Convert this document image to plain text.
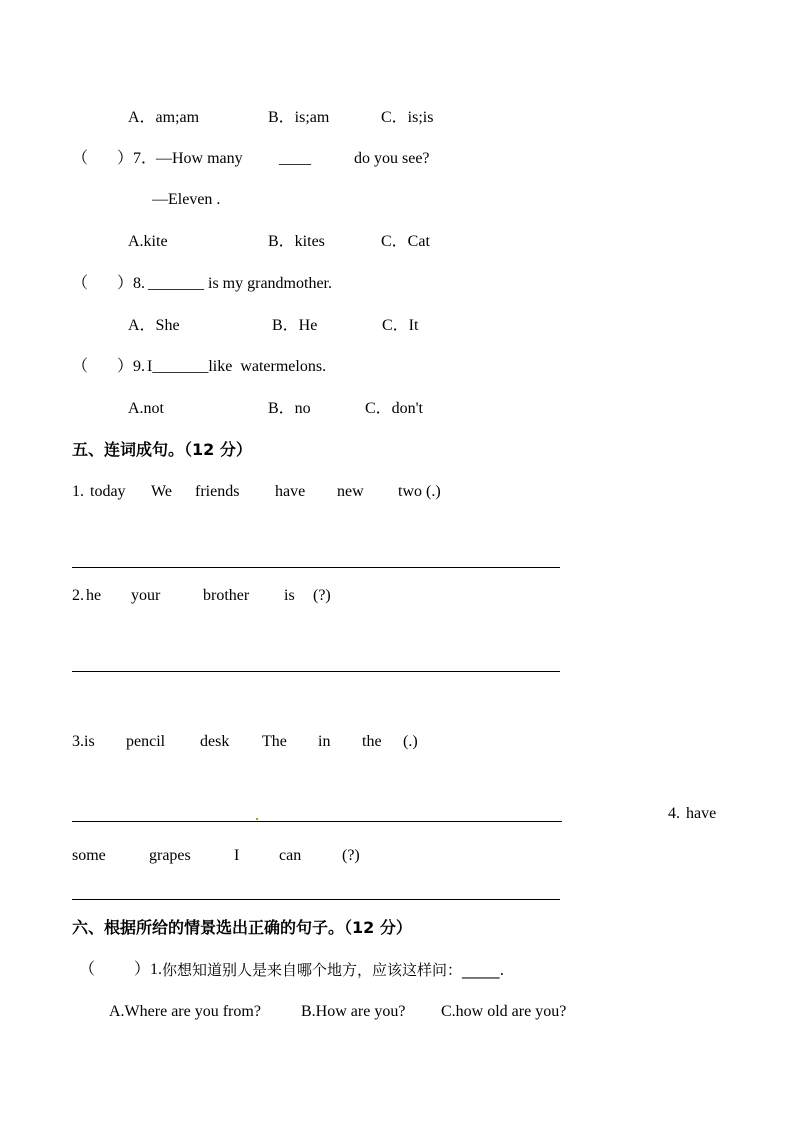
A．am;am	B．is;am	C．is;is
（ ）7．
—How many ____	do you see?
—Eleven .
A.kite	B．kites	C．Cat
（ ）8. _______ is my grandmother.
A．She	B．He	C．It
（ ）9. I_______like  watermelons.
A.not	B．no	C．don't
五、连词成句。（12 分）
1. today We friends have new two (.)
2. he your	brother is (?)
3. is pencil desk The in the (.)
4. have
some	grapes	I can	(?)
六、根据所给的情景选出正确的句子。（12 分）
（ ）1. 你想知道别人是来自哪个地方，应该这样问：_____.
A.Where are you from?	B.How are you? C.how old are you?
